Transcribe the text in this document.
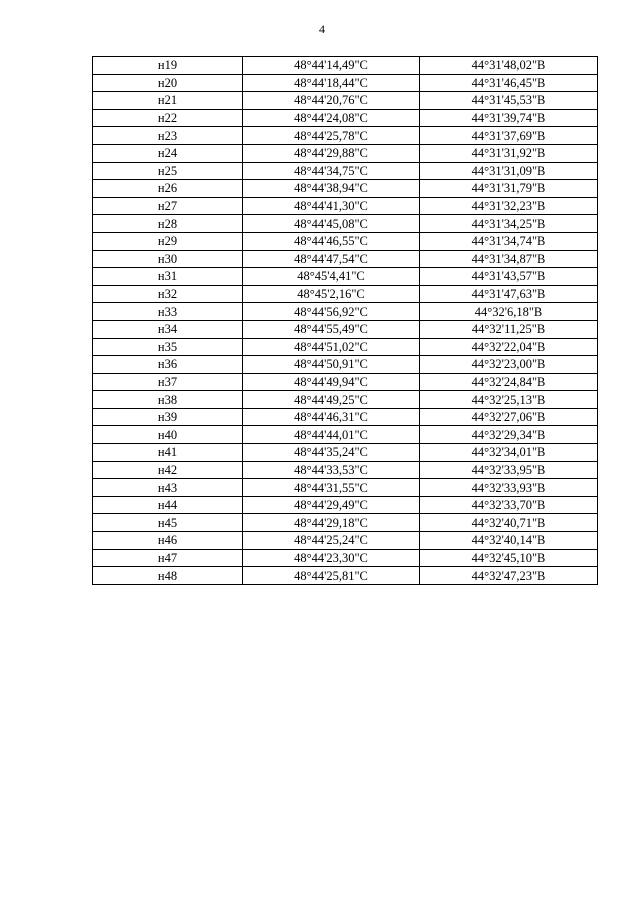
4
н19	48°44'14,49"С	44°31'48,02"В
н20	48°44'18,44"С	44°31'46,45"В
н21	48°44'20,76"С	44°31'45,53"В
н22	48°44'24,08"С	44°31'39,74"В
н23	48°44'25,78"С	44°31'37,69"В
н24	48°44'29,88"С	44°31'31,92"В
н25	48°44'34,75"С	44°31'31,09"В
н26	48°44'38,94"С	44°31'31,79"В
н27	48°44'41,30"С	44°31'32,23"В
н28	48°44'45,08"С	44°31'34,25"В
н29	48°44'46,55"С	44°31'34,74"В
н30	48°44'47,54"С	44°31'34,87"В
н31	48°45'4,41"С	44°31'43,57"В
н32	48°45'2,16"С	44°31'47,63"В
н33	48°44'56,92"С	44°32'6,18"В
н34	48°44'55,49"С	44°32'11,25"В
н35	48°44'51,02"С	44°32'22,04"В
н36	48°44'50,91"С	44°32'23,00"В
н37	48°44'49,94"С	44°32'24,84"В
н38	48°44'49,25"С	44°32'25,13"В
н39	48°44'46,31"С	44°32'27,06"В
н40	48°44'44,01"С	44°32'29,34"В
н41	48°44'35,24"С	44°32'34,01"В
н42	48°44'33,53"С	44°32'33,95"В
н43	48°44'31,55"С	44°32'33,93"В
н44	48°44'29,49"С	44°32'33,70"В
н45	48°44'29,18"С	44°32'40,71"В
н46	48°44'25,24"С	44°32'40,14"В
н47	48°44'23,30"С	44°32'45,10"В
н48	48°44'25,81"С	44°32'47,23"В
